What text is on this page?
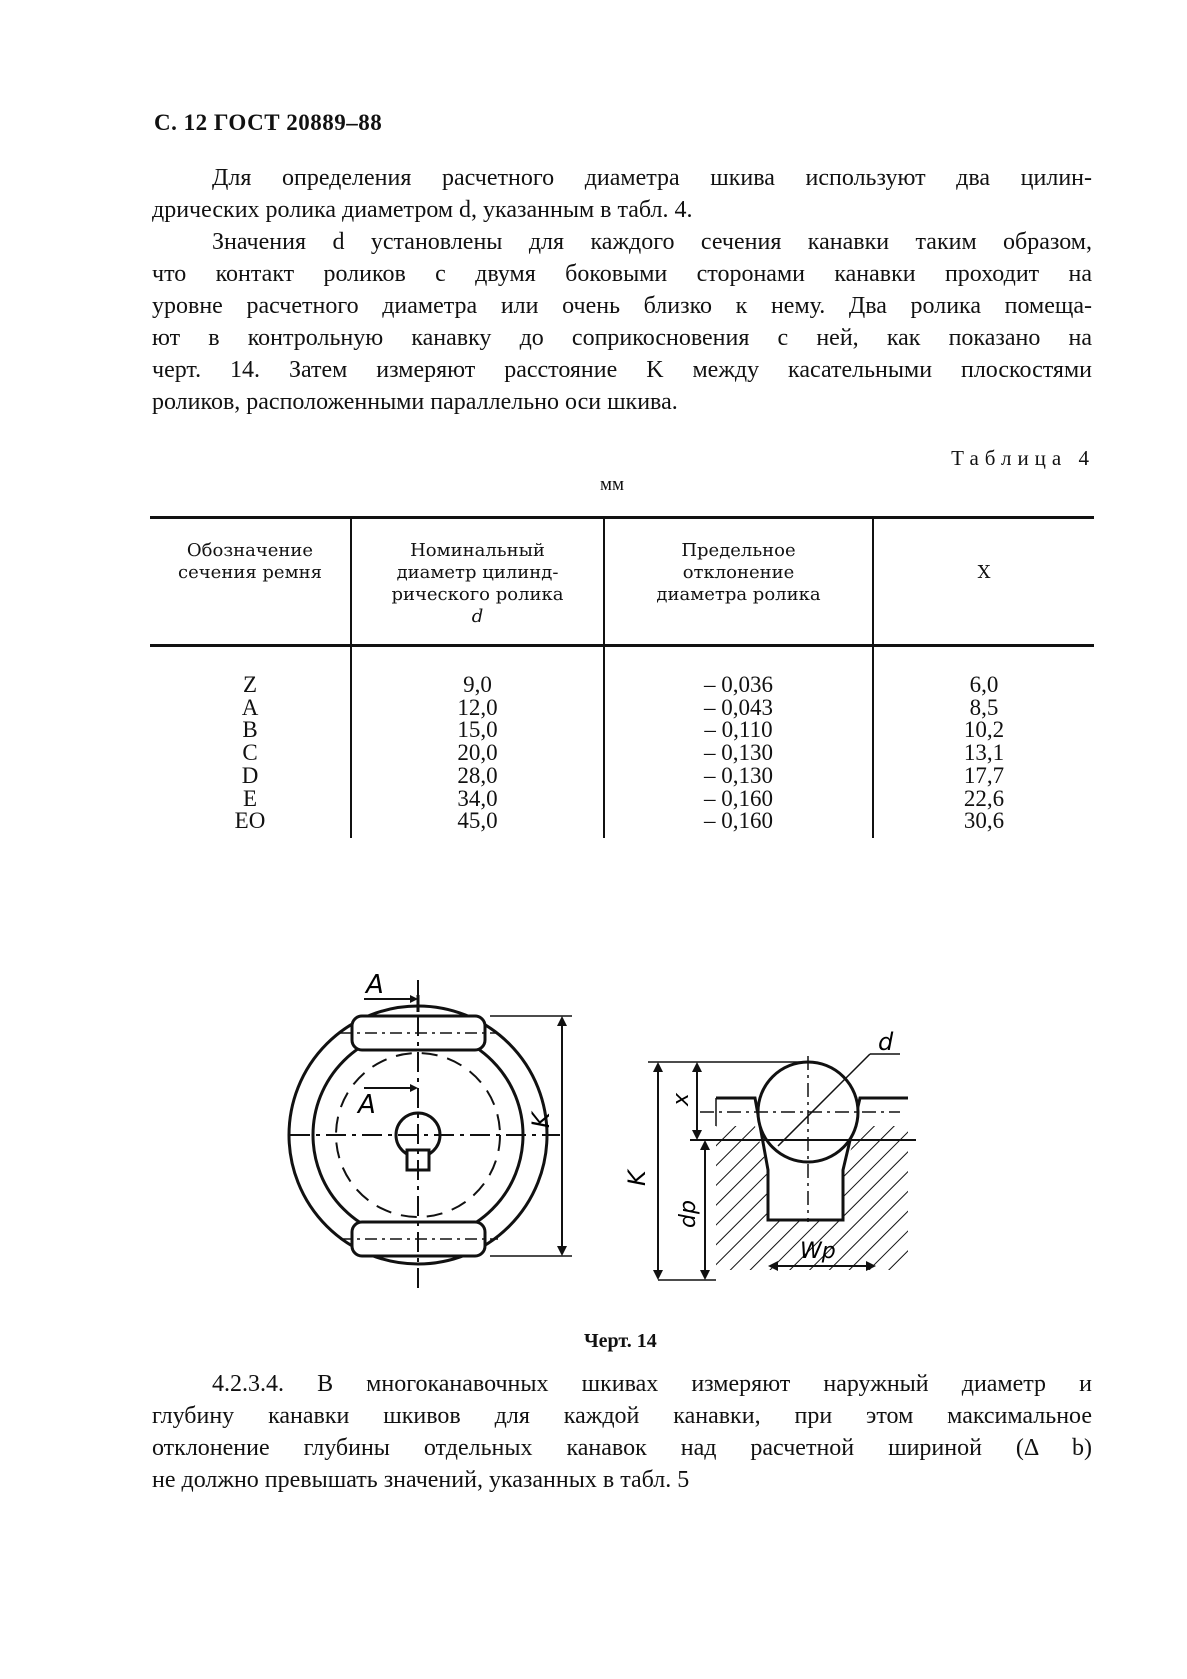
С. 12 ГОСТ 20889–88
Для определения расчетного диаметра шкива используют два цилин-
дрических ролика диаметром d, указанным в табл. 4.
Значения d установлены для каждого сечения канавки таким образом,
что контакт роликов с двумя боковыми сторонами канавки проходит на
уровне расчетного диаметра или очень близко к нему. Два ролика помеща-
ют в контрольную канавку до соприкосновения с ней, как показано на
черт. 14. Затем измеряют расстояние K между касательными плоскостями
роликов, расположенными параллельно оси шкива.
Таблица 4
мм
Обозначение
сечения ремня
Номинальный
диаметр цилинд-
рического ролика
d
Предельное
отклонение
диаметра ролика
X
Z
A
B
C
D
E
EO
9,0
12,0
15,0
20,0
28,0
34,0
45,0
– 0,036
– 0,043
– 0,110
– 0,130
– 0,130
– 0,160
– 0,160
6,0
8,5
10,2
13,1
17,7
22,6
30,6
A
A
K
d
K
x
dp
Wp
Черт. 14
4.2.3.4. В многоканавочных шкивах измеряют наружный диаметр и
глубину канавки шкивов для каждой канавки, при этом максимальное
отклонение глубины отдельных канавок над расчетной шириной (Δ b)
не должно превышать значений, указанных в табл. 5
